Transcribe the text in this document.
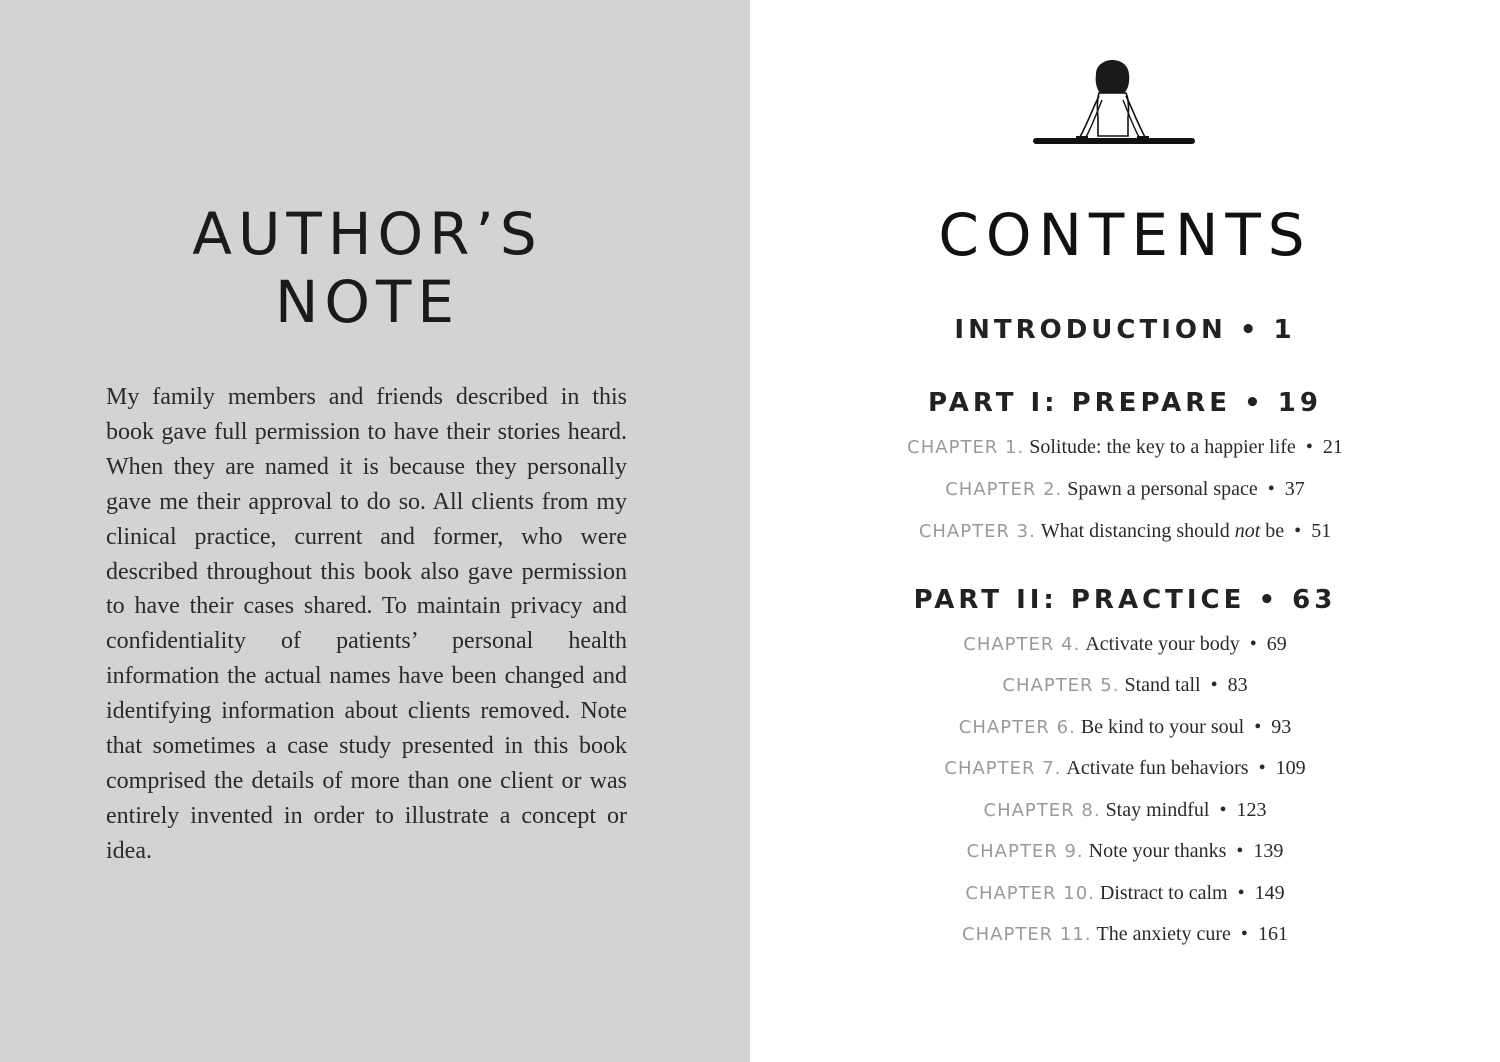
AUTHOR’S
NOTE
My family members and friends described in this book gave full permission to have their stories heard. When they are named it is because they personally gave me their approval to do so. All clients from my clinical practice, current and former, who were described throughout this book also gave permission to have their cases shared. To maintain privacy and confidentiality of patients’ personal health information the actual names have been changed and identifying information about clients removed. Note that sometimes a case study presented in this book comprised the details of more than one client or was entirely invented in order to illustrate a concept or idea.
CONTENTS
INTRODUCTION • 1
PART I: PREPARE • 19
CHAPTER 1. Solitude: the key to a happier life • 21
CHAPTER 2. Spawn a personal space • 37
CHAPTER 3. What distancing should not be • 51
PART II: PRACTICE • 63
CHAPTER 4. Activate your body • 69
CHAPTER 5. Stand tall • 83
CHAPTER 6. Be kind to your soul • 93
CHAPTER 7. Activate fun behaviors • 109
CHAPTER 8. Stay mindful • 123
CHAPTER 9. Note your thanks • 139
CHAPTER 10. Distract to calm • 149
CHAPTER 11. The anxiety cure • 161
